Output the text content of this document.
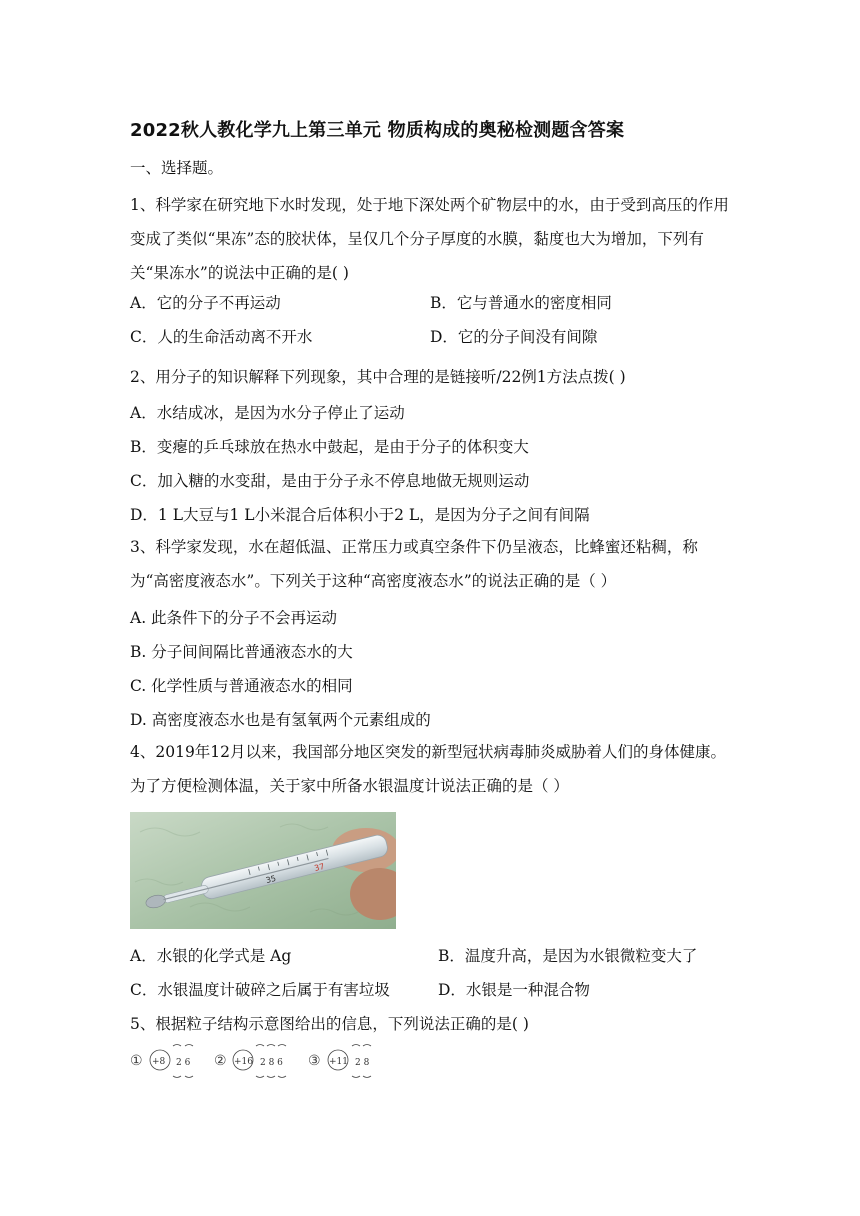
2022秋人教化学九上第三单元 物质构成的奥秘检测题含答案
一、选择题。
1、科学家在研究地下水时发现，处于地下深处两个矿物层中的水，由于受到高压的作用变成了类似“果冻”态的胶状体，呈仅几个分子厚度的水膜，黏度也大为增加，下列有关“果冻水”的说法中正确的是( )
A．它的分子不再运动	B．它与普通水的密度相同
C．人的生命活动离不开水	D．它的分子间没有间隙
2、用分子的知识解释下列现象，其中合理的是链接听/22例1方法点拨( )
A．水结成冰，是因为水分子停止了运动
B．变瘪的乒乓球放在热水中鼓起，是由于分子的体积变大
C．加入糖的水变甜，是由于分子永不停息地做无规则运动
D．1 L大豆与1 L小米混合后体积小于2 L，是因为分子之间有间隔
3、科学家发现，水在超低温、正常压力或真空条件下仍呈液态，比蜂蜜还粘稠，称为“高密度液态水”。下列关于这种“高密度液态水”的说法正确的是（ ）
A. 此条件下的分子不会再运动
B. 分子间间隔比普通液态水的大
C. 化学性质与普通液态水的相同
D. 高密度液态水也是有氢氧两个元素组成的
4、2019年12月以来，我国部分地区突发的新型冠状病毒肺炎威胁着人们的身体健康。为了方便检测体温，关于家中所备水银温度计说法正确的是（ ）
35
37
A．水银的化学式是 Ag	B．温度升高，是因为水银微粒变大了
C．水银温度计破碎之后属于有害垃圾	D．水银是一种混合物
5、根据粒子结构示意图给出的信息，下列说法正确的是( )
① +8 2 6 ② +16 2 8 6 ③ +11 2 8
